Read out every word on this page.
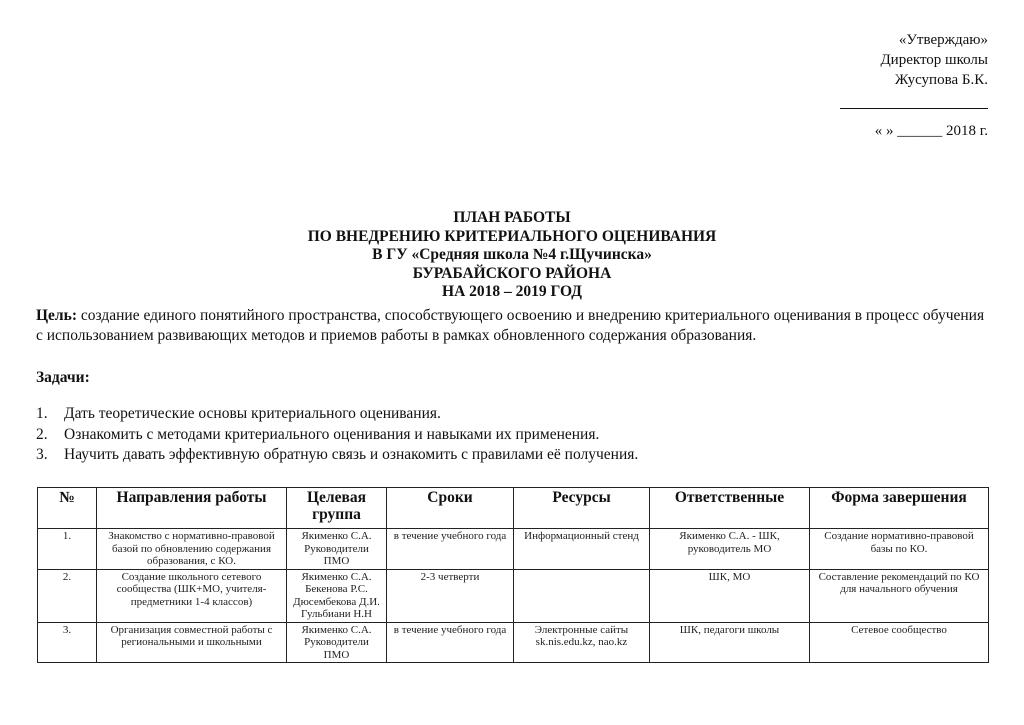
«Утверждаю»
Директор школы
Жусупова Б.К.
« » ______ 2018 г.
ПЛАН РАБОТЫ
ПО ВНЕДРЕНИЮ КРИТЕРИАЛЬНОГО ОЦЕНИВАНИЯ
В ГУ «Средняя школа №4 г.Щучинска»
БУРАБАЙСКОГО РАЙОНА
НА 2018 – 2019 ГОД
Цель: создание единого понятийного пространства, способствующего освоению и внедрению критериального оценивания в процесс обучения с использованием развивающих методов и приемов работы в рамках обновленного содержания образования.
Задачи:
1.	Дать теоретические основы критериального оценивания.
2.	Ознакомить с методами критериального оценивания и навыками их применения.
3.	Научить давать эффективную обратную связь и ознакомить с правилами её получения.
№	Направления работы	Целевая группа	Сроки	Ресурсы	Ответственные	Форма завершения
1.	Знакомство с нормативно-правовой базой по обновлению содержания образования, с КО.	Якименко С.А. Руководители ПМО	в течение учебного года	Информационный стенд	Якименко С.А. - ШК, руководитель МО	Создание нормативно-правовой базы по КО.
2.	Создание школьного сетевого сообщества (ШК+МО, учителя-предметники 1-4 классов)	Якименко С.А. Бекенова Р.С. Дюсембекова Д.И. Гульбиани Н.Н	2-3 четверти		ШК, МО	Составление рекомендаций по КО для начального обучения
3.	Организация совместной работы с региональными и школьными	Якименко С.А. Руководители ПМО	в течение учебного года	Электронные сайты sk.nis.edu.kz, nao.kz	ШК, педагоги школы	Сетевое сообщество
